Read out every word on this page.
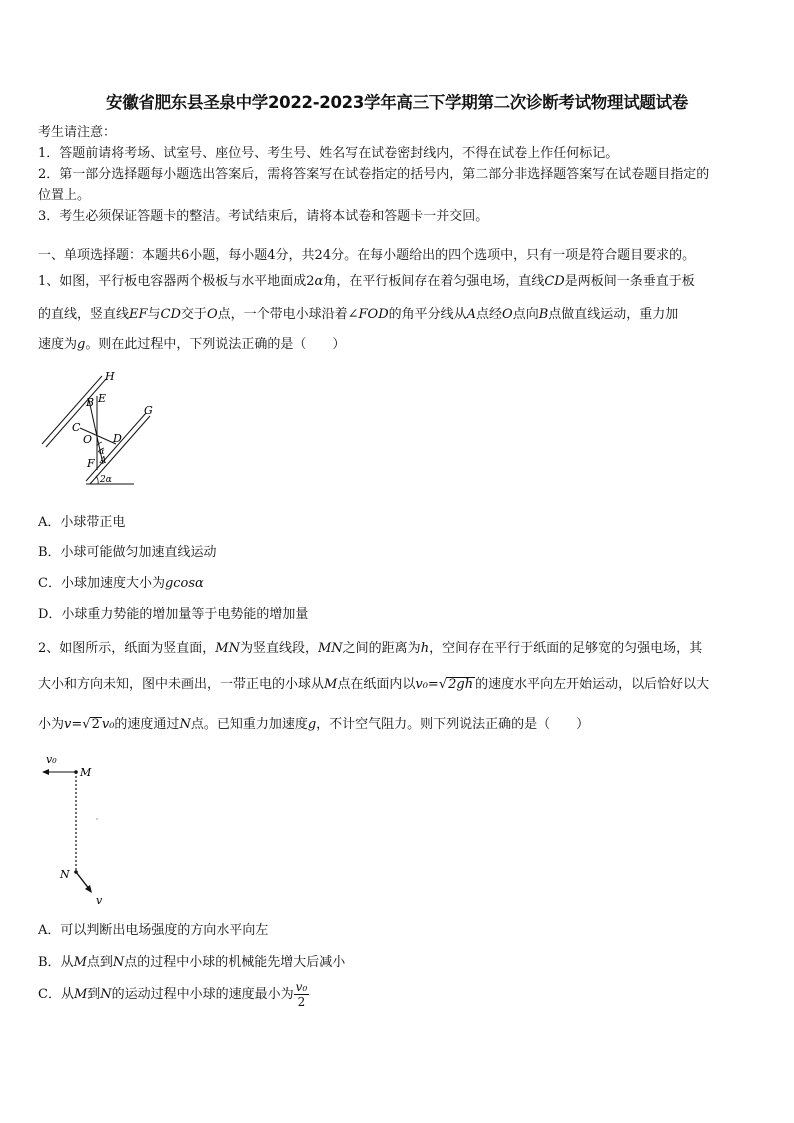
安徽省肥东县圣泉中学2022-2023学年高三下学期第二次诊断考试物理试题试卷
考生请注意：
1．答题前请将考场、试室号、座位号、考生号、姓名写在试卷密封线内，不得在试卷上作任何标记。
2．第一部分选择题每小题选出答案后，需将答案写在试卷指定的括号内，第二部分非选择题答案写在试卷题目指定的
位置上。
3．考生必须保证答题卡的整洁。考试结束后，请将本试卷和答题卡一并交回。
一、单项选择题：本题共6小题，每小题4分，共24分。在每小题给出的四个选项中，只有一项是符合题目要求的。
1、如图，平行板电容器两个极板与水平地面成2α角，在平行板间存在着匀强电场，直线CD是两板间一条垂直于板
的直线，竖直线EF与CD交于O点，一个带电小球沿着∠FOD的角平分线从A点经O点向B点做直线运动，重力加
速度为g。则在此过程中，下列说法正确的是（　　）
H
G
B E
C
O D
α
F A
2α
A．小球带正电
B．小球可能做匀加速直线运动
C．小球加速度大小为gcosα
D．小球重力势能的增加量等于电势能的增加量
2、如图所示，纸面为竖直面，MN为竖直线段，MN之间的距离为h，空间存在平行于纸面的足够宽的匀强电场，其
大小和方向未知，图中未画出，一带正电的小球从M点在纸面内以v₀=√2gh 的速度水平向左开始运动，以后恰好以大
小为v=√2 v₀的速度通过N点。已知重力加速度g，不计空气阻力。则下列说法正确的是（　　）
v₀
M
N
v
A．可以判断出电场强度的方向水平向左
B．从M点到N点的过程中小球的机械能先增大后减小
C．从M到N的运动过程中小球的速度最小为 $\frac{\text{v₀}}{2}$
